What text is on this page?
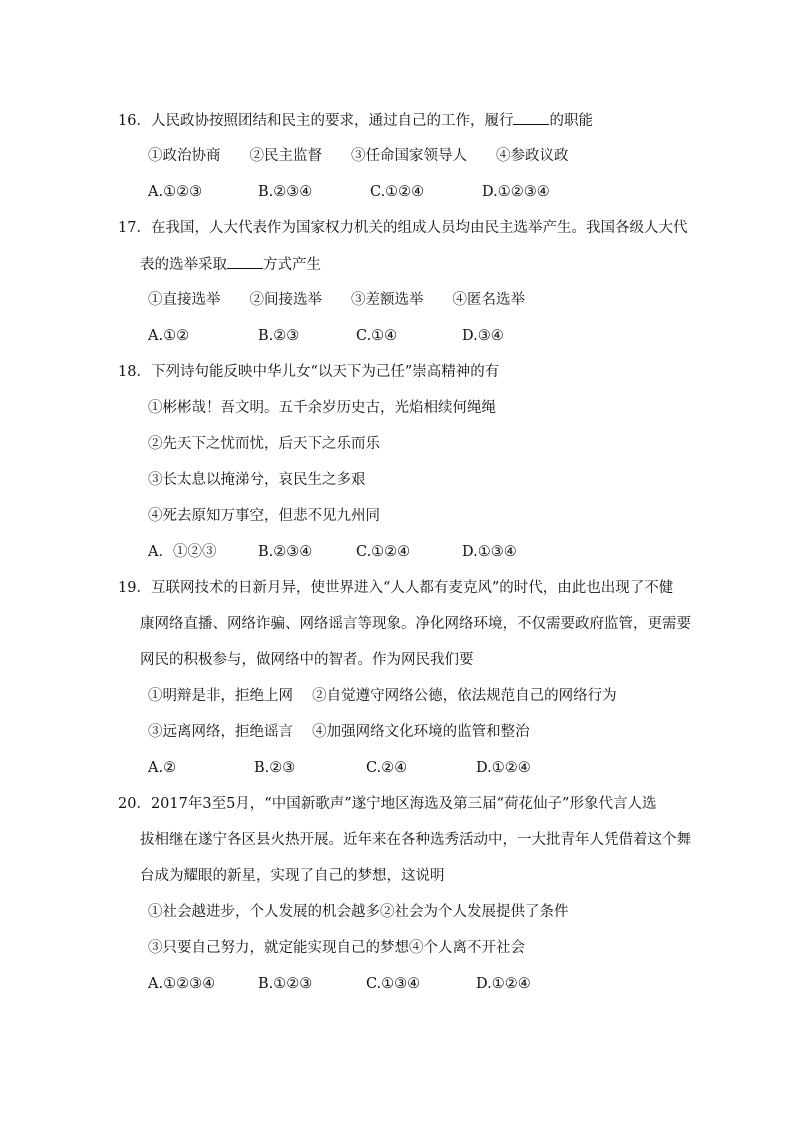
16．人民政协按照团结和民主的要求，通过自己的工作，履行 的职能
①政治协商　　②民主监督　　③任命国家领导人　　④参政议政
A.①②③	B.②③④	C.①②④	D.①②③④
17．在我国，人大代表作为国家权力机关的组成人员均由民主选举产生。我国各级人大代
表的选举采取 方式产生
①直接选举　　②间接选举　　③差额选举　　④匿名选举
A.①②	B.②③	C.①④	D.③④
18．下列诗句能反映中华儿女“以天下为己任”崇高精神的有
①彬彬哉！吾文明。五千余岁历史古，光焰相续何绳绳
②先天下之忧而忧，后天下之乐而乐
③长太息以掩涕兮，哀民生之多艰
④死去原知万事空，但悲不见九州同
A．①②③	B.②③④	C.①②④	D.①③④
19．互联网技术的日新月异，使世界进入“人人都有麦克风”的时代，由此也出现了不健
康网络直播、网络诈骗、网络谣言等现象。净化网络环境，不仅需要政府监管，更需要
网民的积极参与，做网络中的智者。作为网民我们要
①明辩是非，拒绝上网　 ②自觉遵守网络公德，依法规范自己的网络行为
③远离网络，拒绝谣言　 ④加强网络文化环境的监管和整治
A.②	B.②③	C.②④	D.①②④
20．2017年3至5月，“中国新歌声”遂宁地区海选及第三届“荷花仙子”形象代言人选
拔相继在遂宁各区县火热开展。近年来在各种选秀活动中，一大批青年人凭借着这个舞
台成为耀眼的新星，实现了自己的梦想，这说明
①社会越进步，个人发展的机会越多②社会为个人发展提供了条件
③只要自己努力，就定能实现自己的梦想④个人离不开社会
A.①②③④	B.①②③	C.①③④	D.①②④
